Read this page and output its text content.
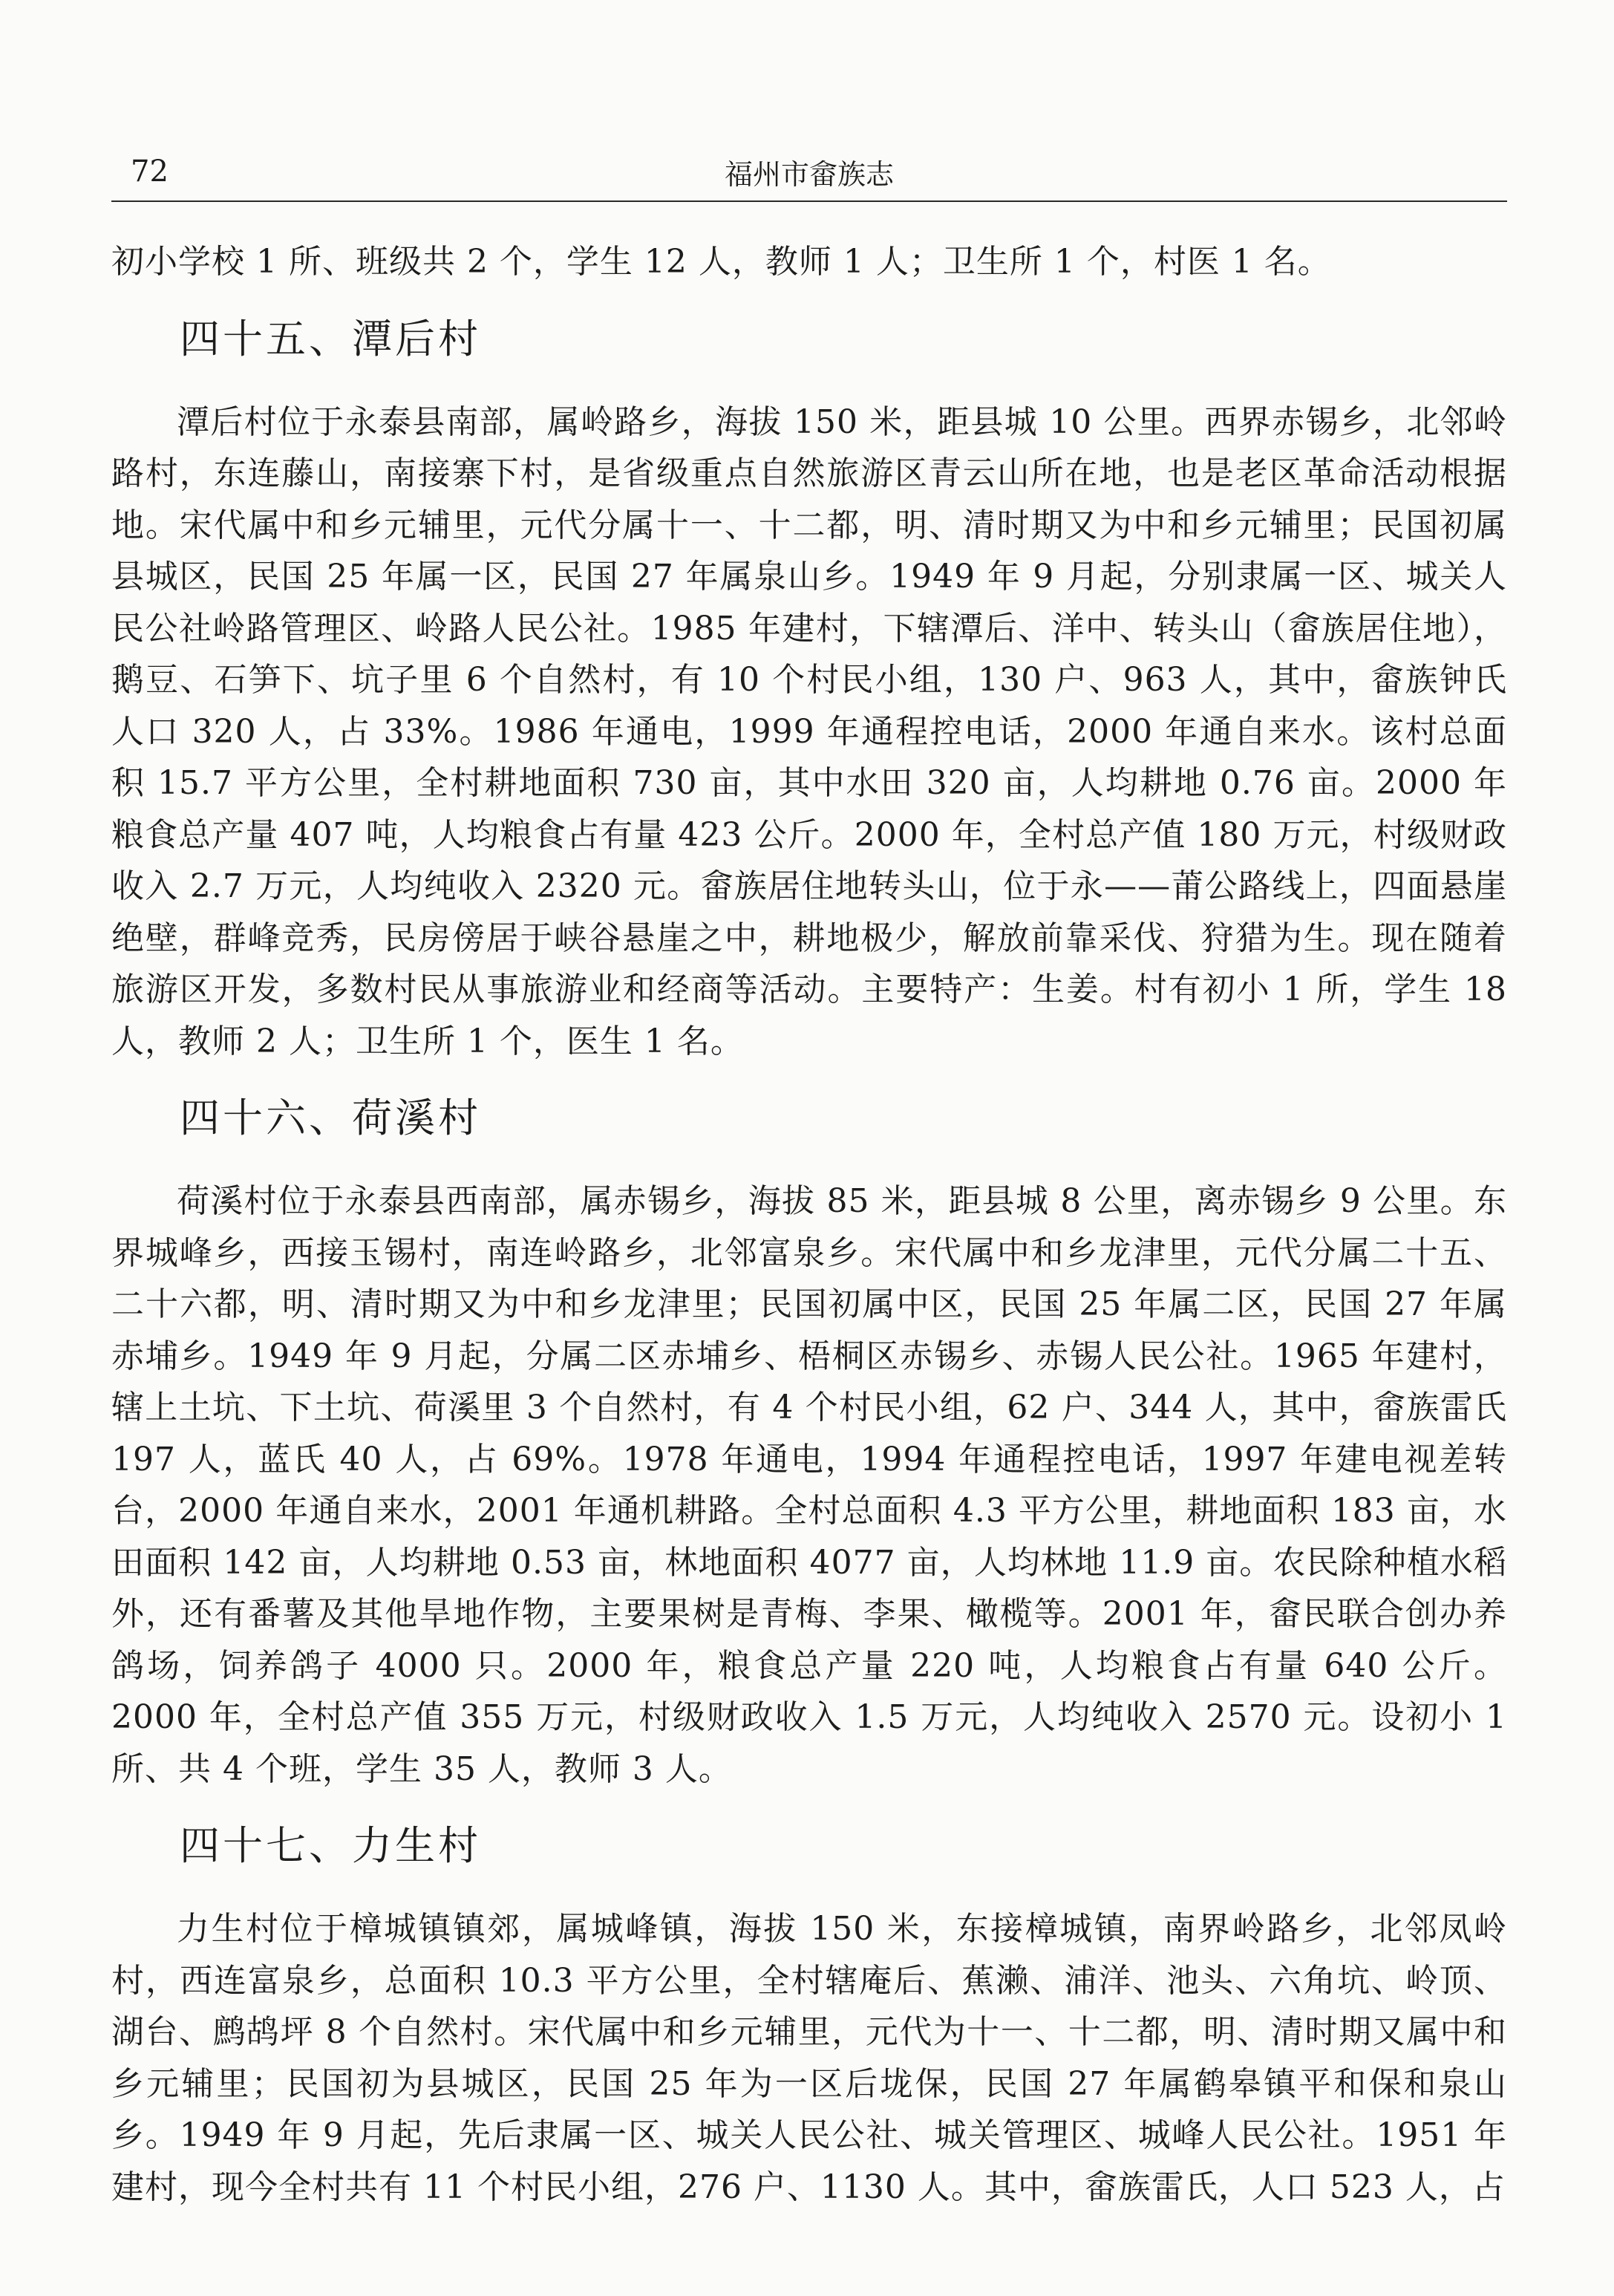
72	福州市畲族志

初小学校 1 所、班级共 2 个，学生 12 人，教师 1 人；卫生所 1 个，村医 1 名。

四十五、潭后村

潭后村位于永泰县南部，属岭路乡，海拔 150 米，距县城 10 公里。西界赤锡乡，北邻岭路村，东连藤山，南接寨下村，是省级重点自然旅游区青云山所在地，也是老区革命活动根据地。宋代属中和乡元辅里，元代分属十一、十二都，明、清时期又为中和乡元辅里；民国初属县城区，民国 25 年属一区，民国 27 年属泉山乡。1949 年 9 月起，分别隶属一区、城关人民公社岭路管理区、岭路人民公社。1985 年建村，下辖潭后、洋中、转头山（畲族居住地），鹅豆、石笋下、坑子里 6 个自然村，有 10 个村民小组，130 户、963 人，其中，畲族钟氏人口 320 人，占 33%。1986 年通电，1999 年通程控电话，2000 年通自来水。该村总面积 15.7 平方公里，全村耕地面积 730 亩，其中水田 320 亩，人均耕地 0.76 亩。2000 年粮食总产量 407 吨，人均粮食占有量 423 公斤。2000 年，全村总产值 180 万元，村级财政收入 2.7 万元，人均纯收入 2320 元。畲族居住地转头山，位于永——莆公路线上，四面悬崖绝壁，群峰竞秀，民房傍居于峡谷悬崖之中，耕地极少，解放前靠采伐、狩猎为生。现在随着旅游区开发，多数村民从事旅游业和经商等活动。主要特产：生姜。村有初小 1 所，学生 18 人，教师 2 人；卫生所 1 个，医生 1 名。

四十六、荷溪村

荷溪村位于永泰县西南部，属赤锡乡，海拔 85 米，距县城 8 公里，离赤锡乡 9 公里。东界城峰乡，西接玉锡村，南连岭路乡，北邻富泉乡。宋代属中和乡龙津里，元代分属二十五、二十六都，明、清时期又为中和乡龙津里；民国初属中区，民国 25 年属二区，民国 27 年属赤埔乡。1949 年 9 月起，分属二区赤埔乡、梧桐区赤锡乡、赤锡人民公社。1965 年建村，辖上土坑、下土坑、荷溪里 3 个自然村，有 4 个村民小组，62 户、344 人，其中，畲族雷氏 197 人，蓝氏 40 人，占 69%。1978 年通电，1994 年通程控电话，1997 年建电视差转台，2000 年通自来水，2001 年通机耕路。全村总面积 4.3 平方公里，耕地面积 183 亩，水田面积 142 亩，人均耕地 0.53 亩，林地面积 4077 亩，人均林地 11.9 亩。农民除种植水稻外，还有番薯及其他旱地作物，主要果树是青梅、李果、橄榄等。2001 年，畲民联合创办养鸽场，饲养鸽子 4000 只。2000 年，粮食总产量 220 吨，人均粮食占有量 640 公斤。2000 年，全村总产值 355 万元，村级财政收入 1.5 万元，人均纯收入 2570 元。设初小 1 所、共 4 个班，学生 35 人，教师 3 人。

四十七、力生村

力生村位于樟城镇镇郊，属城峰镇，海拔 150 米，东接樟城镇，南界岭路乡，北邻凤岭村，西连富泉乡，总面积 10.3 平方公里，全村辖庵后、蕉濑、浦洋、池头、六角坑、岭顶、湖台、鹧鸪坪 8 个自然村。宋代属中和乡元辅里，元代为十一、十二都，明、清时期又属中和乡元辅里；民国初为县城区，民国 25 年为一区后垅保，民国 27 年属鹤皋镇平和保和泉山乡。1949 年 9 月起，先后隶属一区、城关人民公社、城关管理区、城峰人民公社。1951 年建村，现今全村共有 11 个村民小组，276 户、1130 人。其中，畲族雷氏，人口 523 人，占
